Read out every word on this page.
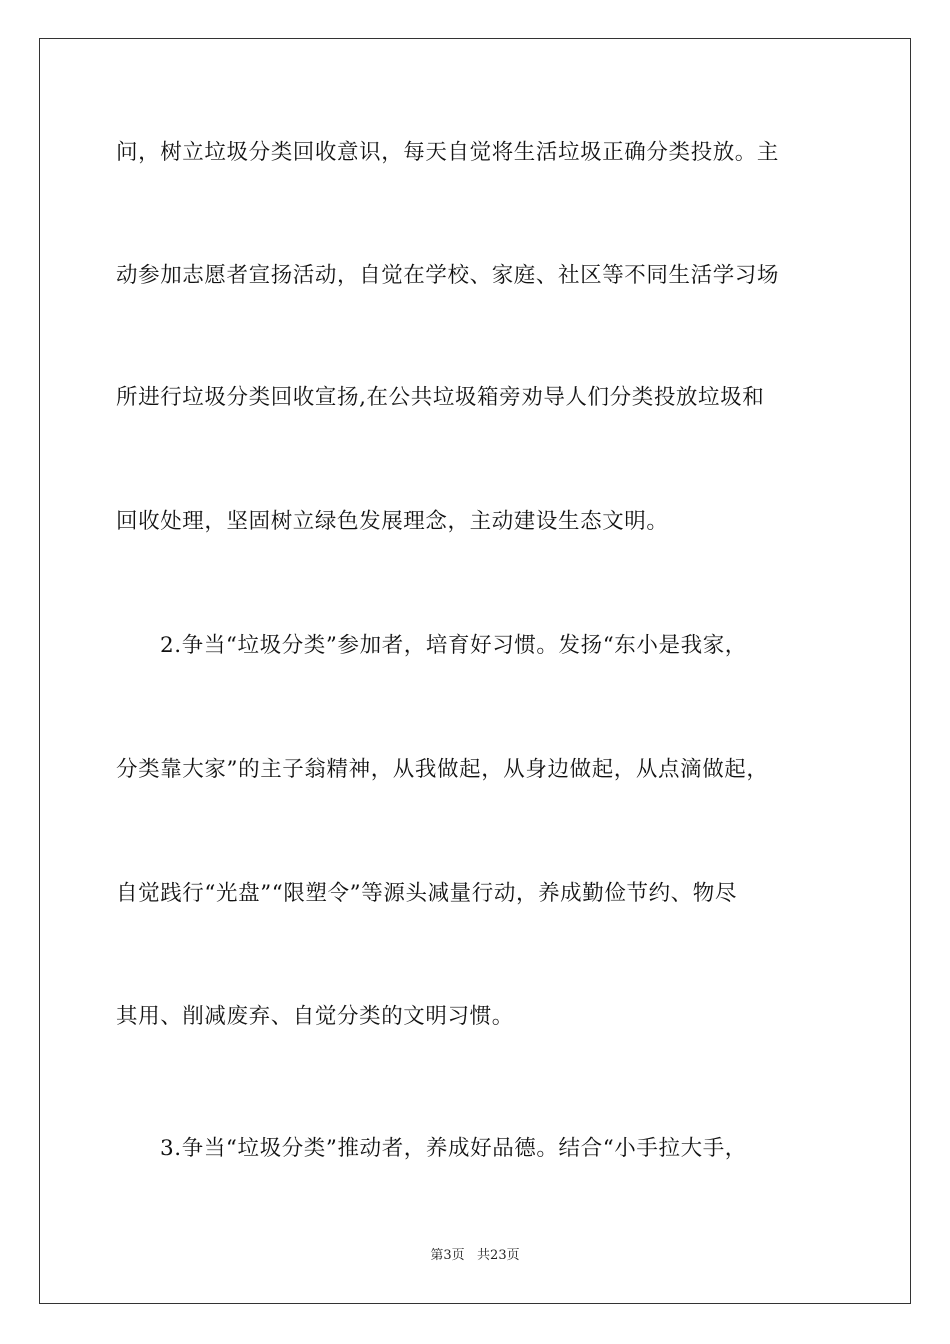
问，树立垃圾分类回收意识，每天自觉将生活垃圾正确分类投放。主
动参加志愿者宣扬活动，自觉在学校、家庭、社区等不同生活学习场
所进行垃圾分类回收宣扬,在公共垃圾箱旁劝导人们分类投放垃圾和
回收处理，坚固树立绿色发展理念，主动建设生态文明。
2.争当“垃圾分类”参加者，培育好习惯。发扬“东小是我家，
分类靠大家”的主子翁精神，从我做起，从身边做起，从点滴做起，
自觉践行“光盘”“限塑令”等源头减量行动，养成勤俭节约、物尽
其用、削减废弃、自觉分类的文明习惯。
3.争当“垃圾分类”推动者，养成好品德。结合“小手拉大手，
第3页   共23页
